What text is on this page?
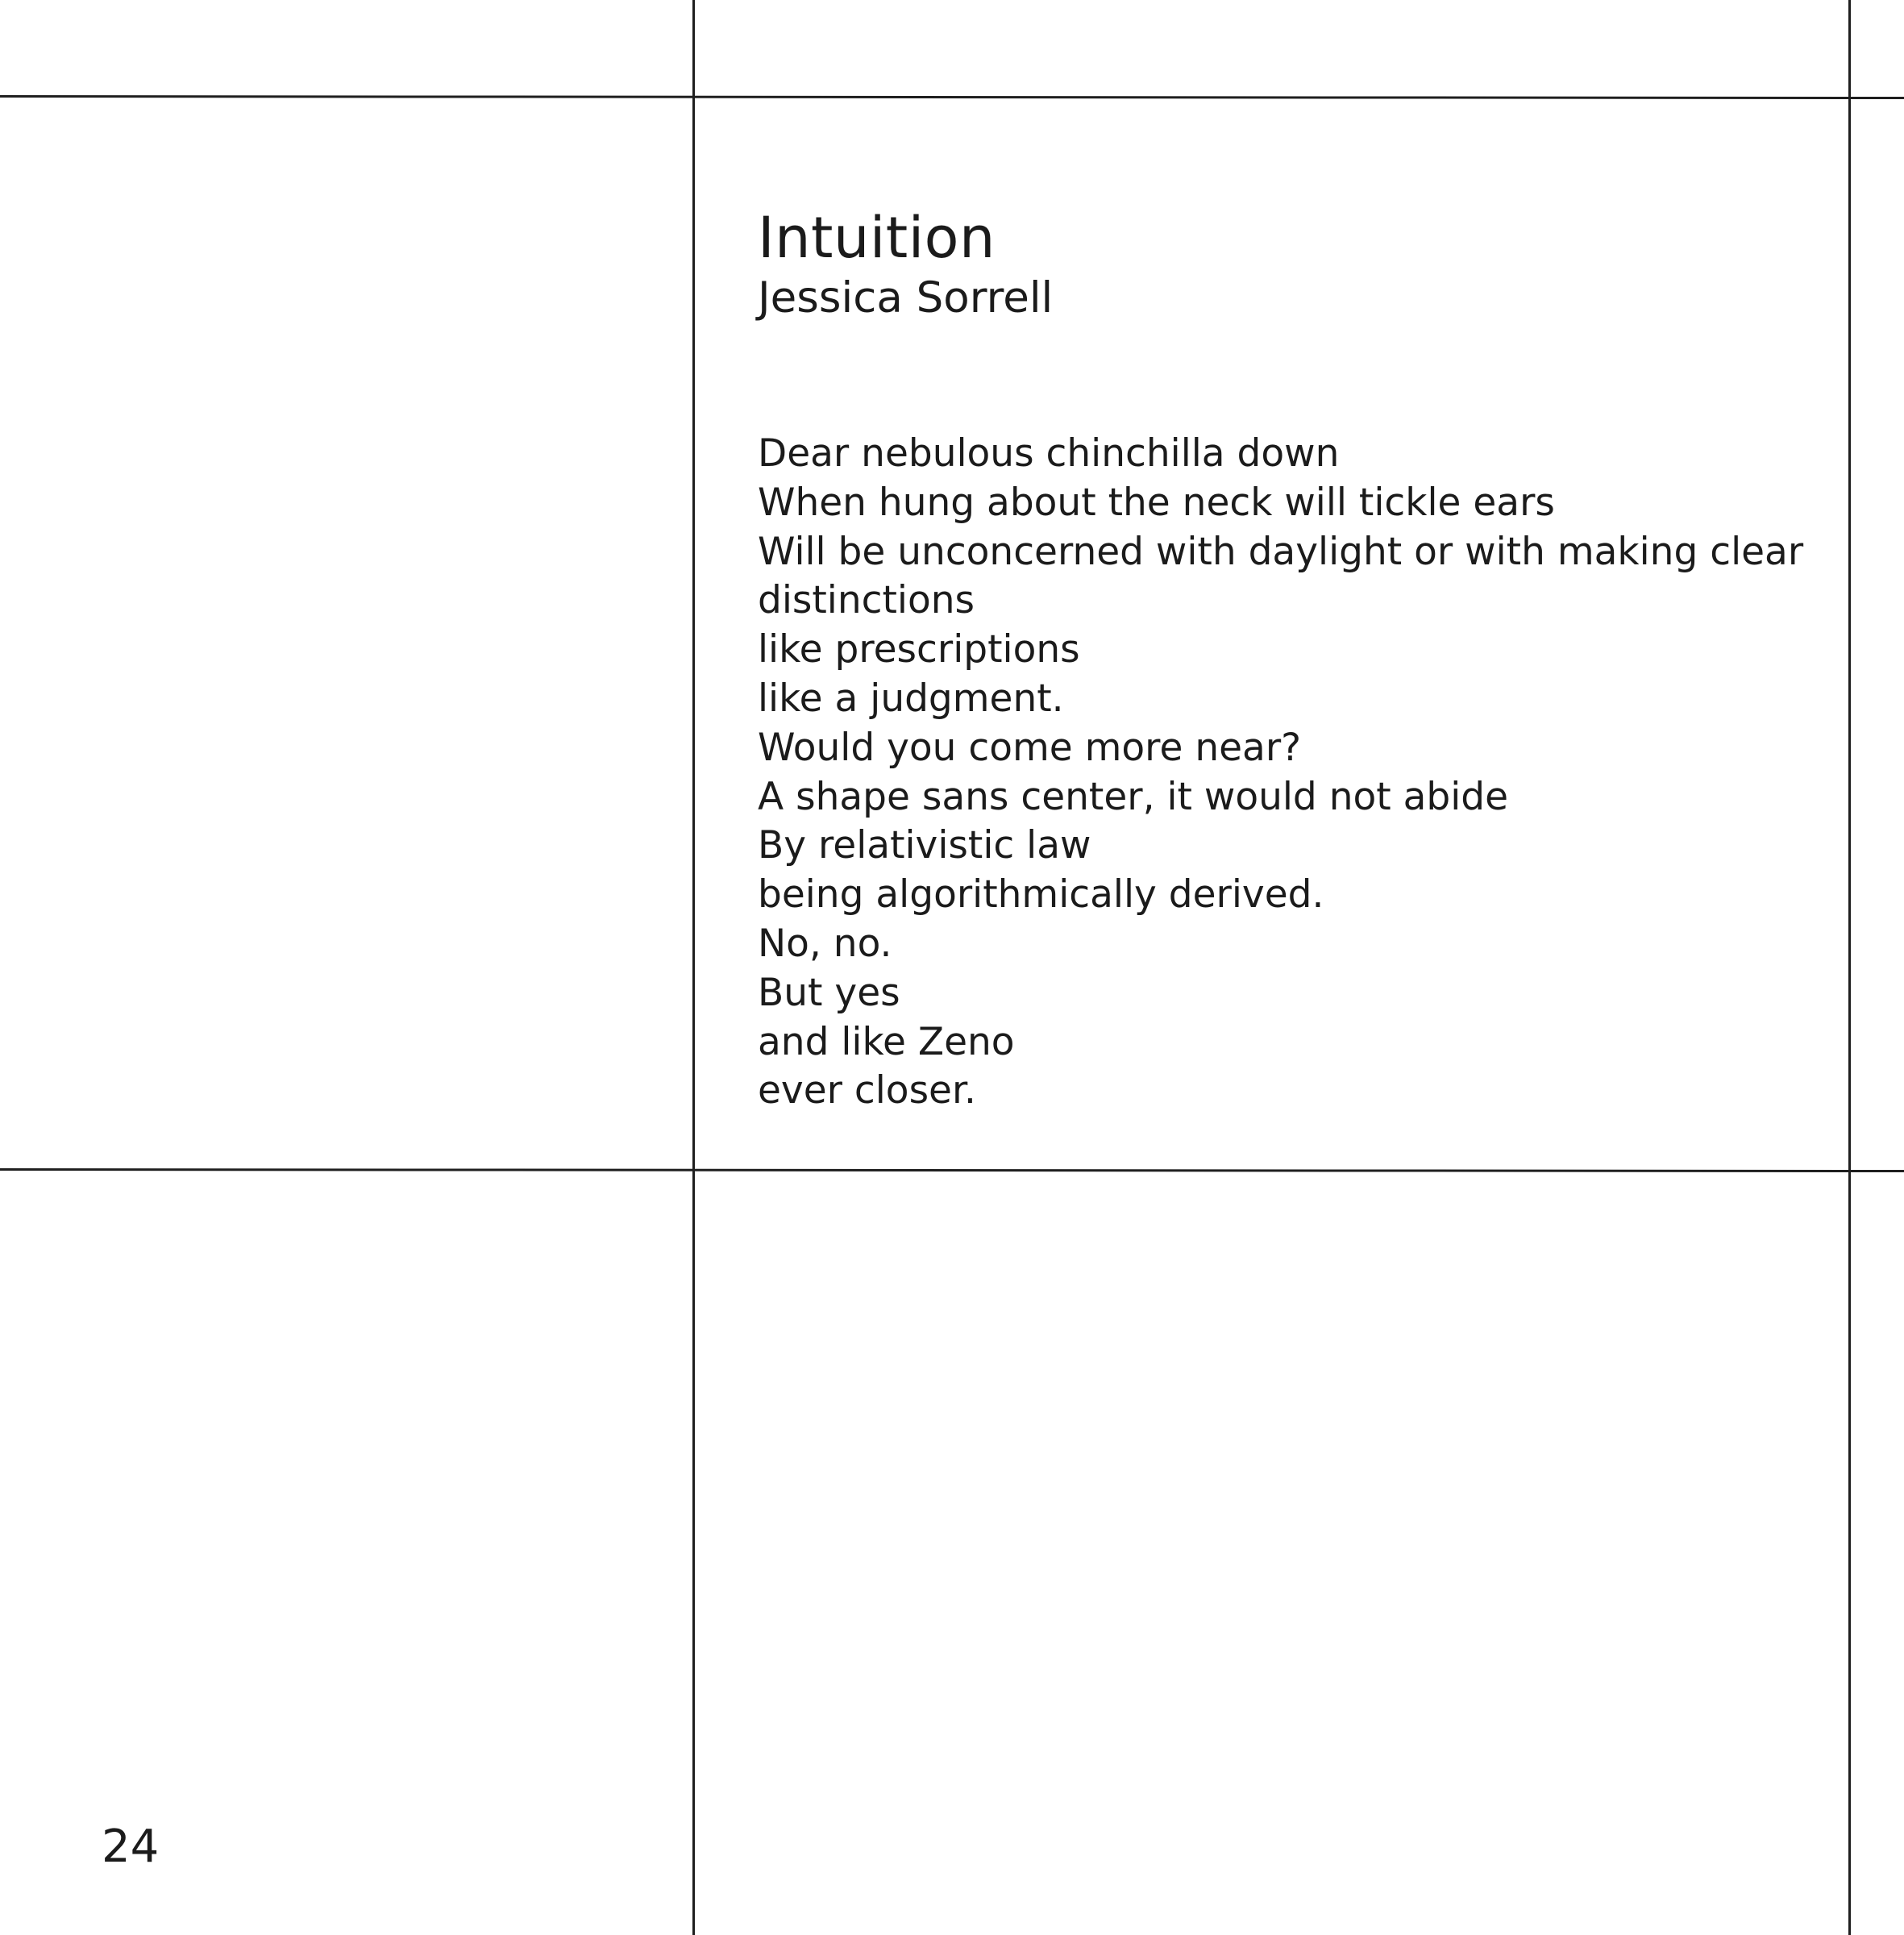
Intuition

Jessica Sorrell

Dear nebulous chinchilla down
When hung about the neck will tickle ears
Will be unconcerned with daylight or with making clear
distinctions
like prescriptions
like a judgment.
Would you come more near?
A shape sans center, it would not abide
By relativistic law
being algorithmically derived.
No, no.
But yes
and like Zeno
ever closer.
24
